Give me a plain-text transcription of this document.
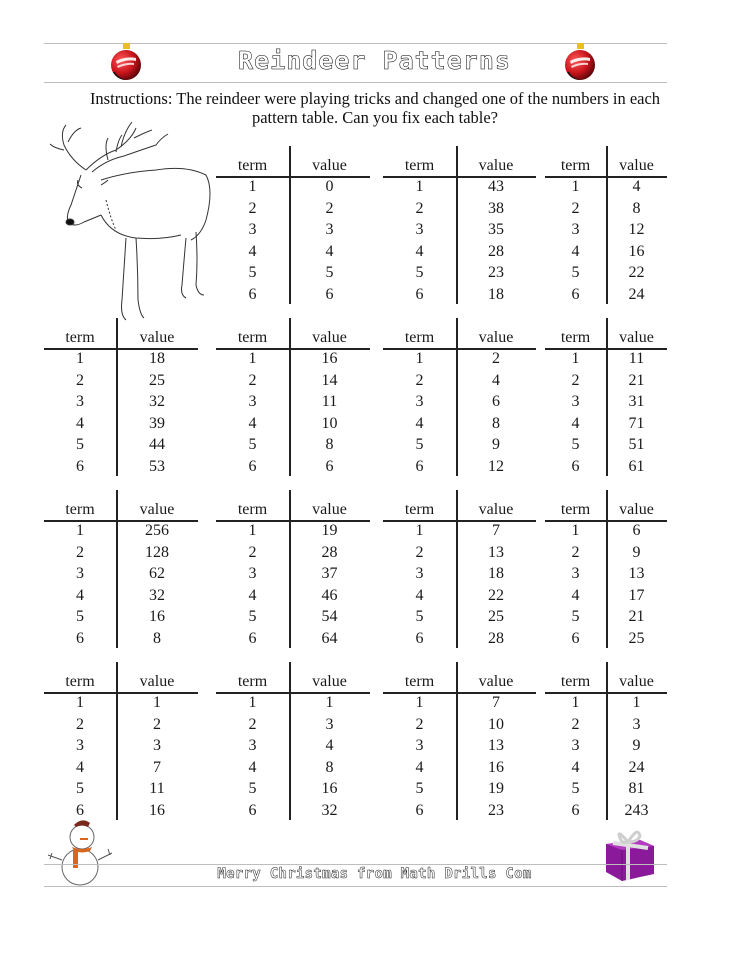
Reindeer Patterns
Instructions: The reindeer were playing tricks and changed one of the numbers in each
pattern table. Can you fix each table?
term	value
1	0
2	2
3	3
4	4
5	5
6	6
term	value
1	43
2	38
3	35
4	28
5	23
6	18
term	value
1	4
2	8
3	12
4	16
5	22
6	24
term	value
1	18
2	25
3	32
4	39
5	44
6	53
term	value
1	16
2	14
3	11
4	10
5	8
6	6
term	value
1	2
2	4
3	6
4	8
5	9
6	12
term	value
1	11
2	21
3	31
4	71
5	51
6	61
term	value
1	256
2	128
3	62
4	32
5	16
6	8
term	value
1	19
2	28
3	37
4	46
5	54
6	64
term	value
1	7
2	13
3	18
4	22
5	25
6	28
term	value
1	6
2	9
3	13
4	17
5	21
6	25
term	value
1	1
2	2
3	3
4	7
5	11
6	16
term	value
1	1
2	3
3	4
4	8
5	16
6	32
term	value
1	7
2	10
3	13
4	16
5	19
6	23
term	value
1	1
2	3
3	9
4	24
5	81
6	243
Merry Christmas from Math Drills Com
